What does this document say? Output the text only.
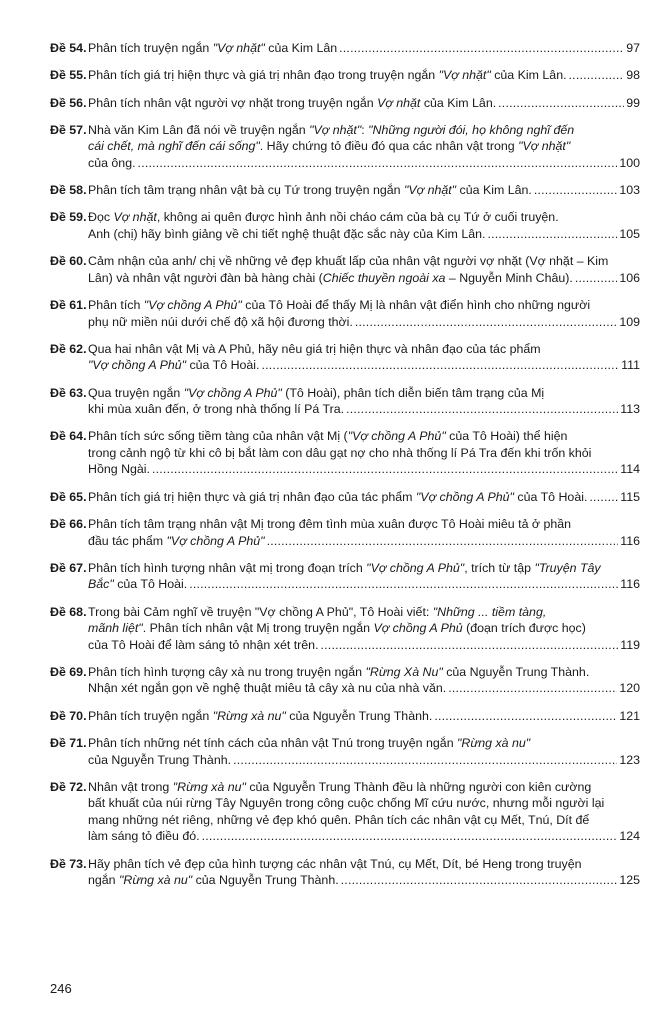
Đề 54. Phân tích truyện ngắn "Vợ nhặt" của Kim Lân .....	97
Đề 55. Phân tích giá trị hiện thực và giá trị nhân đạo trong truyện ngắn "Vợ nhặt" của Kim Lân. .....	98
Đề 56. Phân tích nhân vật người vợ nhặt trong truyện ngắn Vợ nhặt của Kim Lân. .....	99
Đề 57. Nhà văn Kim Lân đã nói về truyện ngắn "Vợ nhặt": "Những người đói, họ không nghĩ đến
cái chết, mà nghĩ đến cái sống". Hãy chứng tỏ điều đó qua các nhân vật trong "Vợ nhặt"
của ông. .....	100
Đề 58. Phân tích tâm trạng nhân vật bà cụ Tứ trong truyện ngắn "Vợ nhặt" của Kim Lân. .....	103
Đề 59. Đọc Vợ nhặt, không ai quên được hình ảnh nồi cháo cám của bà cụ Tứ ở cuối truyện.
Anh (chị) hãy bình giảng về chi tiết nghệ thuật đặc sắc này của Kim Lân. .....	105
Đề 60. Cảm nhận của anh/ chị về những vẻ đẹp khuất lấp của nhân vật người vợ nhặt (Vợ nhặt – Kim
Lân) và nhân vật người đàn bà hàng chài (Chiếc thuyền ngoài xa – Nguyễn Minh Châu). .....	106
Đề 61. Phân tích "Vợ chồng A Phủ" của Tô Hoài để thấy Mị là nhân vật điển hình cho những người
phụ nữ miền núi dưới chế độ xã hội đương thời. .....	109
Đề 62. Qua hai nhân vật Mị và A Phủ, hãy nêu giá trị hiện thực và nhân đạo của tác phẩm
"Vợ chồng A Phủ" của Tô Hoài. .....	111
Đề 63. Qua truyện ngắn "Vợ chồng A Phủ" (Tô Hoài), phân tích diễn biến tâm trạng của Mị
khi mùa xuân đến, ở trong nhà thống lí Pá Tra. .....	113
Đề 64. Phân tích sức sống tiềm tàng của nhân vật Mị ("Vợ chồng A Phủ" của Tô Hoài) thể hiện
trong cảnh ngộ từ khi cô bị bắt làm con dâu gạt nợ cho nhà thống lí Pá Tra đến khi trốn khỏi
Hồng Ngài. .....	114
Đề 65. Phân tích giá trị hiện thực và giá trị nhân đạo của tác phẩm "Vợ chồng A Phủ" của Tô Hoài. .....	115
Đề 66. Phân tích tâm trạng nhân vật Mị trong đêm tình mùa xuân được Tô Hoài miêu tả ở phần
đầu tác phẩm "Vợ chồng A Phủ" .....	116
Đề 67. Phân tích hình tượng nhân vật mị trong đoạn trích "Vợ chồng A Phủ", trích từ tập "Truyện Tây
Bắc" của Tô Hoài. .....	116
Đề 68. Trong bài Cảm nghĩ về truyện "Vợ chồng A Phủ", Tô Hoài viết: "Những ... tiềm tàng,
mãnh liệt". Phân tích nhân vật Mị trong truyện ngắn Vợ chồng A Phủ (đoạn trích được học)
của Tô Hoài để làm sáng tỏ nhận xét trên. .....	119
Đề 69. Phân tích hình tượng cây xà nu trong truyện ngắn "Rừng Xà Nu" của Nguyễn Trung Thành.
Nhận xét ngắn gọn về nghệ thuật miêu tả cây xà nu của nhà văn. .....	120
Đề 70. Phân tích truyện ngắn "Rừng xà nu" của Nguyễn Trung Thành. .....	121
Đề 71. Phân tích những nét tính cách của nhân vật Tnú trong truyện ngắn "Rừng xà nu"
của Nguyễn Trung Thành. .....	123
Đề 72. Nhân vật trong "Rừng xà nu" của Nguyễn Trung Thành đều là những người con kiên cường
bất khuất của núi rừng Tây Nguyên trong công cuộc chống Mĩ cứu nước, nhưng mỗi người lại
mang những nét riêng, những vẻ đẹp khó quên. Phân tích các nhân vật cụ Mết, Tnú, Dít để
làm sáng tỏ điều đó. .....	124
Đề 73. Hãy phân tích vẻ đẹp của hình tượng các nhân vật Tnú, cụ Mết, Dít, bé Heng trong truyện
ngắn "Rừng xà nu" của Nguyễn Trung Thành. .....	125
246
